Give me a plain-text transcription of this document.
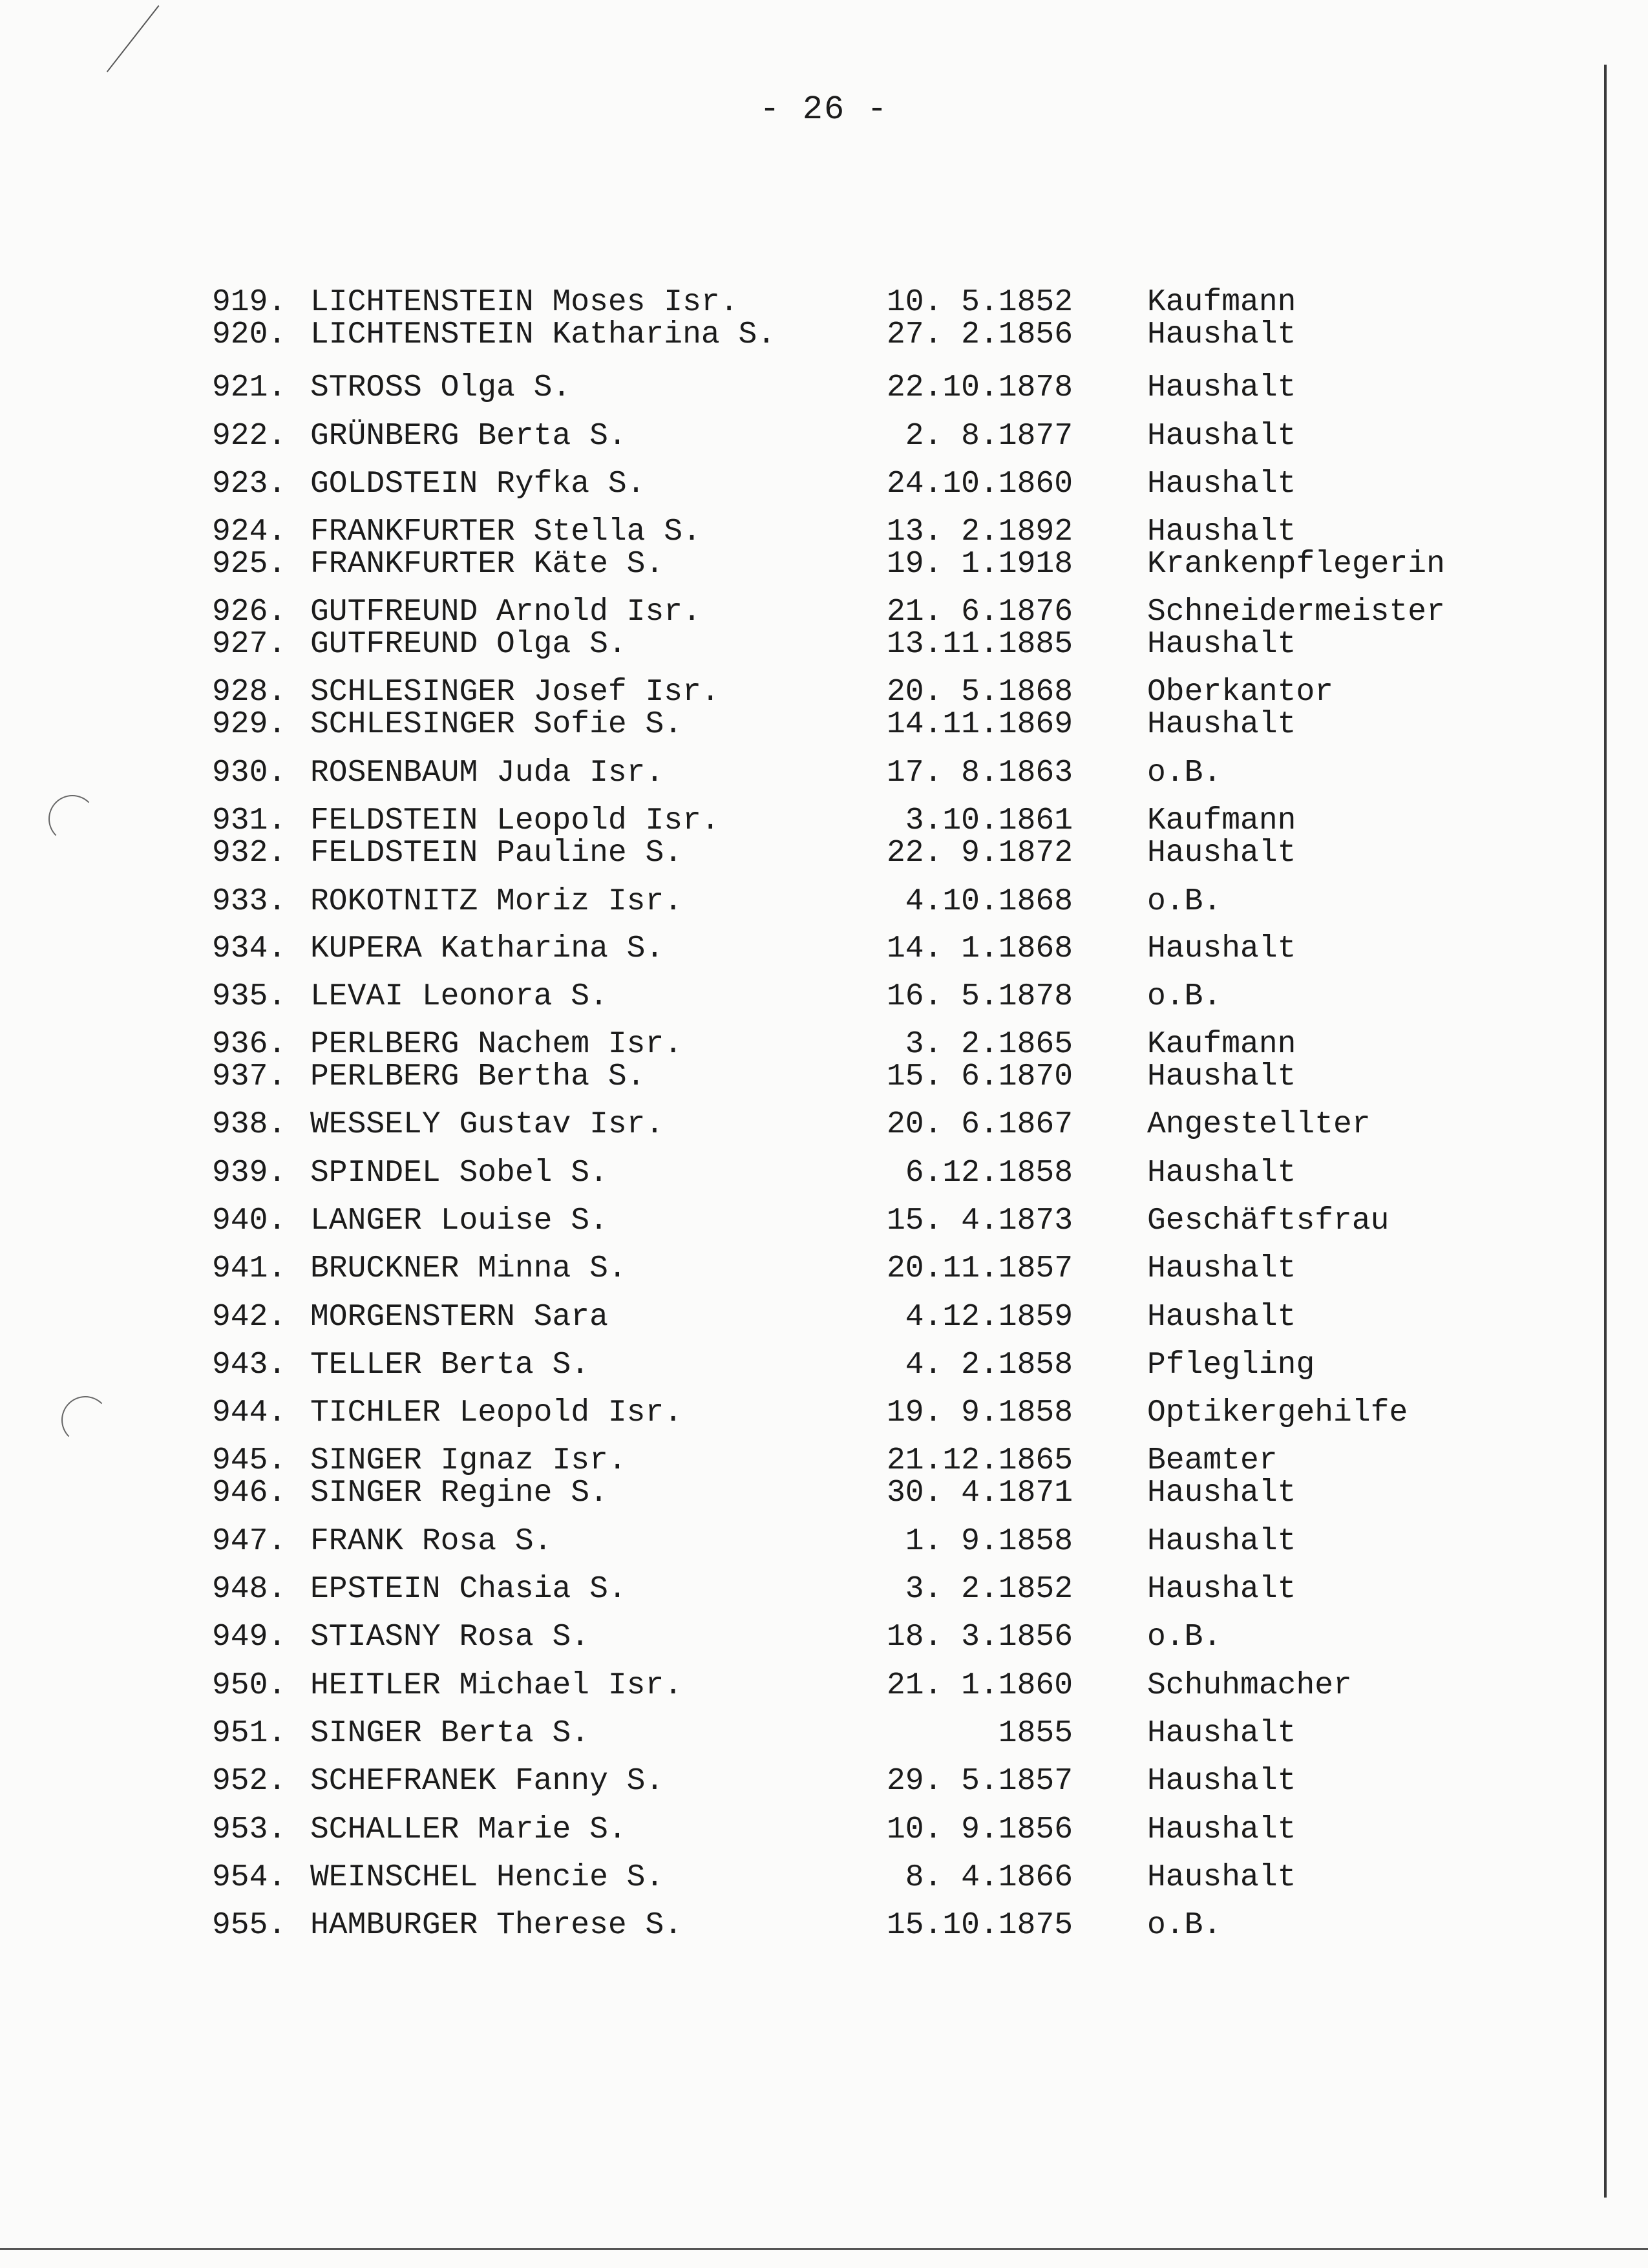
- 26 -
919. LICHTENSTEIN Moses Isr.	10. 5.1852 Kaufmann
920. LICHTENSTEIN Katharina S.	27. 2.1856 Haushalt
921. STROSS Olga S.	22.10.1878 Haushalt
922. GRÜNBERG Berta S.	2. 8.1877 Haushalt
923. GOLDSTEIN Ryfka S.	24.10.1860 Haushalt
924. FRANKFURTER Stella S.	13. 2.1892 Haushalt
925. FRANKFURTER Käte S.	19. 1.1918 Krankenpflegerin
926. GUTFREUND Arnold Isr.	21. 6.1876 Schneidermeister
927. GUTFREUND Olga S.	13.11.1885 Haushalt
928. SCHLESINGER Josef Isr.	20. 5.1868 Oberkantor
929. SCHLESINGER Sofie S.	14.11.1869 Haushalt
930. ROSENBAUM Juda Isr.	17. 8.1863 o.B.
931. FELDSTEIN Leopold Isr.	3.10.1861 Kaufmann
932. FELDSTEIN Pauline S.	22. 9.1872 Haushalt
933. ROKOTNITZ Moriz Isr.	4.10.1868 o.B.
934. KUPERA Katharina S.	14. 1.1868 Haushalt
935. LEVAI Leonora S.	16. 5.1878 o.B.
936. PERLBERG Nachem Isr.	3. 2.1865 Kaufmann
937. PERLBERG Bertha S.	15. 6.1870 Haushalt
938. WESSELY Gustav Isr.	20. 6.1867 Angestellter
939. SPINDEL Sobel S.	6.12.1858 Haushalt
940. LANGER Louise S.	15. 4.1873 Geschäftsfrau
941. BRUCKNER Minna S.	20.11.1857 Haushalt
942. MORGENSTERN Sara	4.12.1859 Haushalt
943. TELLER Berta S.	4. 2.1858 Pflegling
944. TICHLER Leopold Isr.	19. 9.1858 Optikergehilfe
945. SINGER Ignaz Isr.	21.12.1865 Beamter
946. SINGER Regine S.	30. 4.1871 Haushalt
947. FRANK Rosa S.	1. 9.1858 Haushalt
948. EPSTEIN Chasia S.	3. 2.1852 Haushalt
949. STIASNY Rosa S.	18. 3.1856 o.B.
950. HEITLER Michael Isr.	21. 1.1860 Schuhmacher
951. SINGER Berta S.	1855 Haushalt
952. SCHEFRANEK Fanny S.	29. 5.1857 Haushalt
953. SCHALLER Marie S.	10. 9.1856 Haushalt
954. WEINSCHEL Hencie S.	8. 4.1866 Haushalt
955. HAMBURGER Therese S.	15.10.1875 o.B.
